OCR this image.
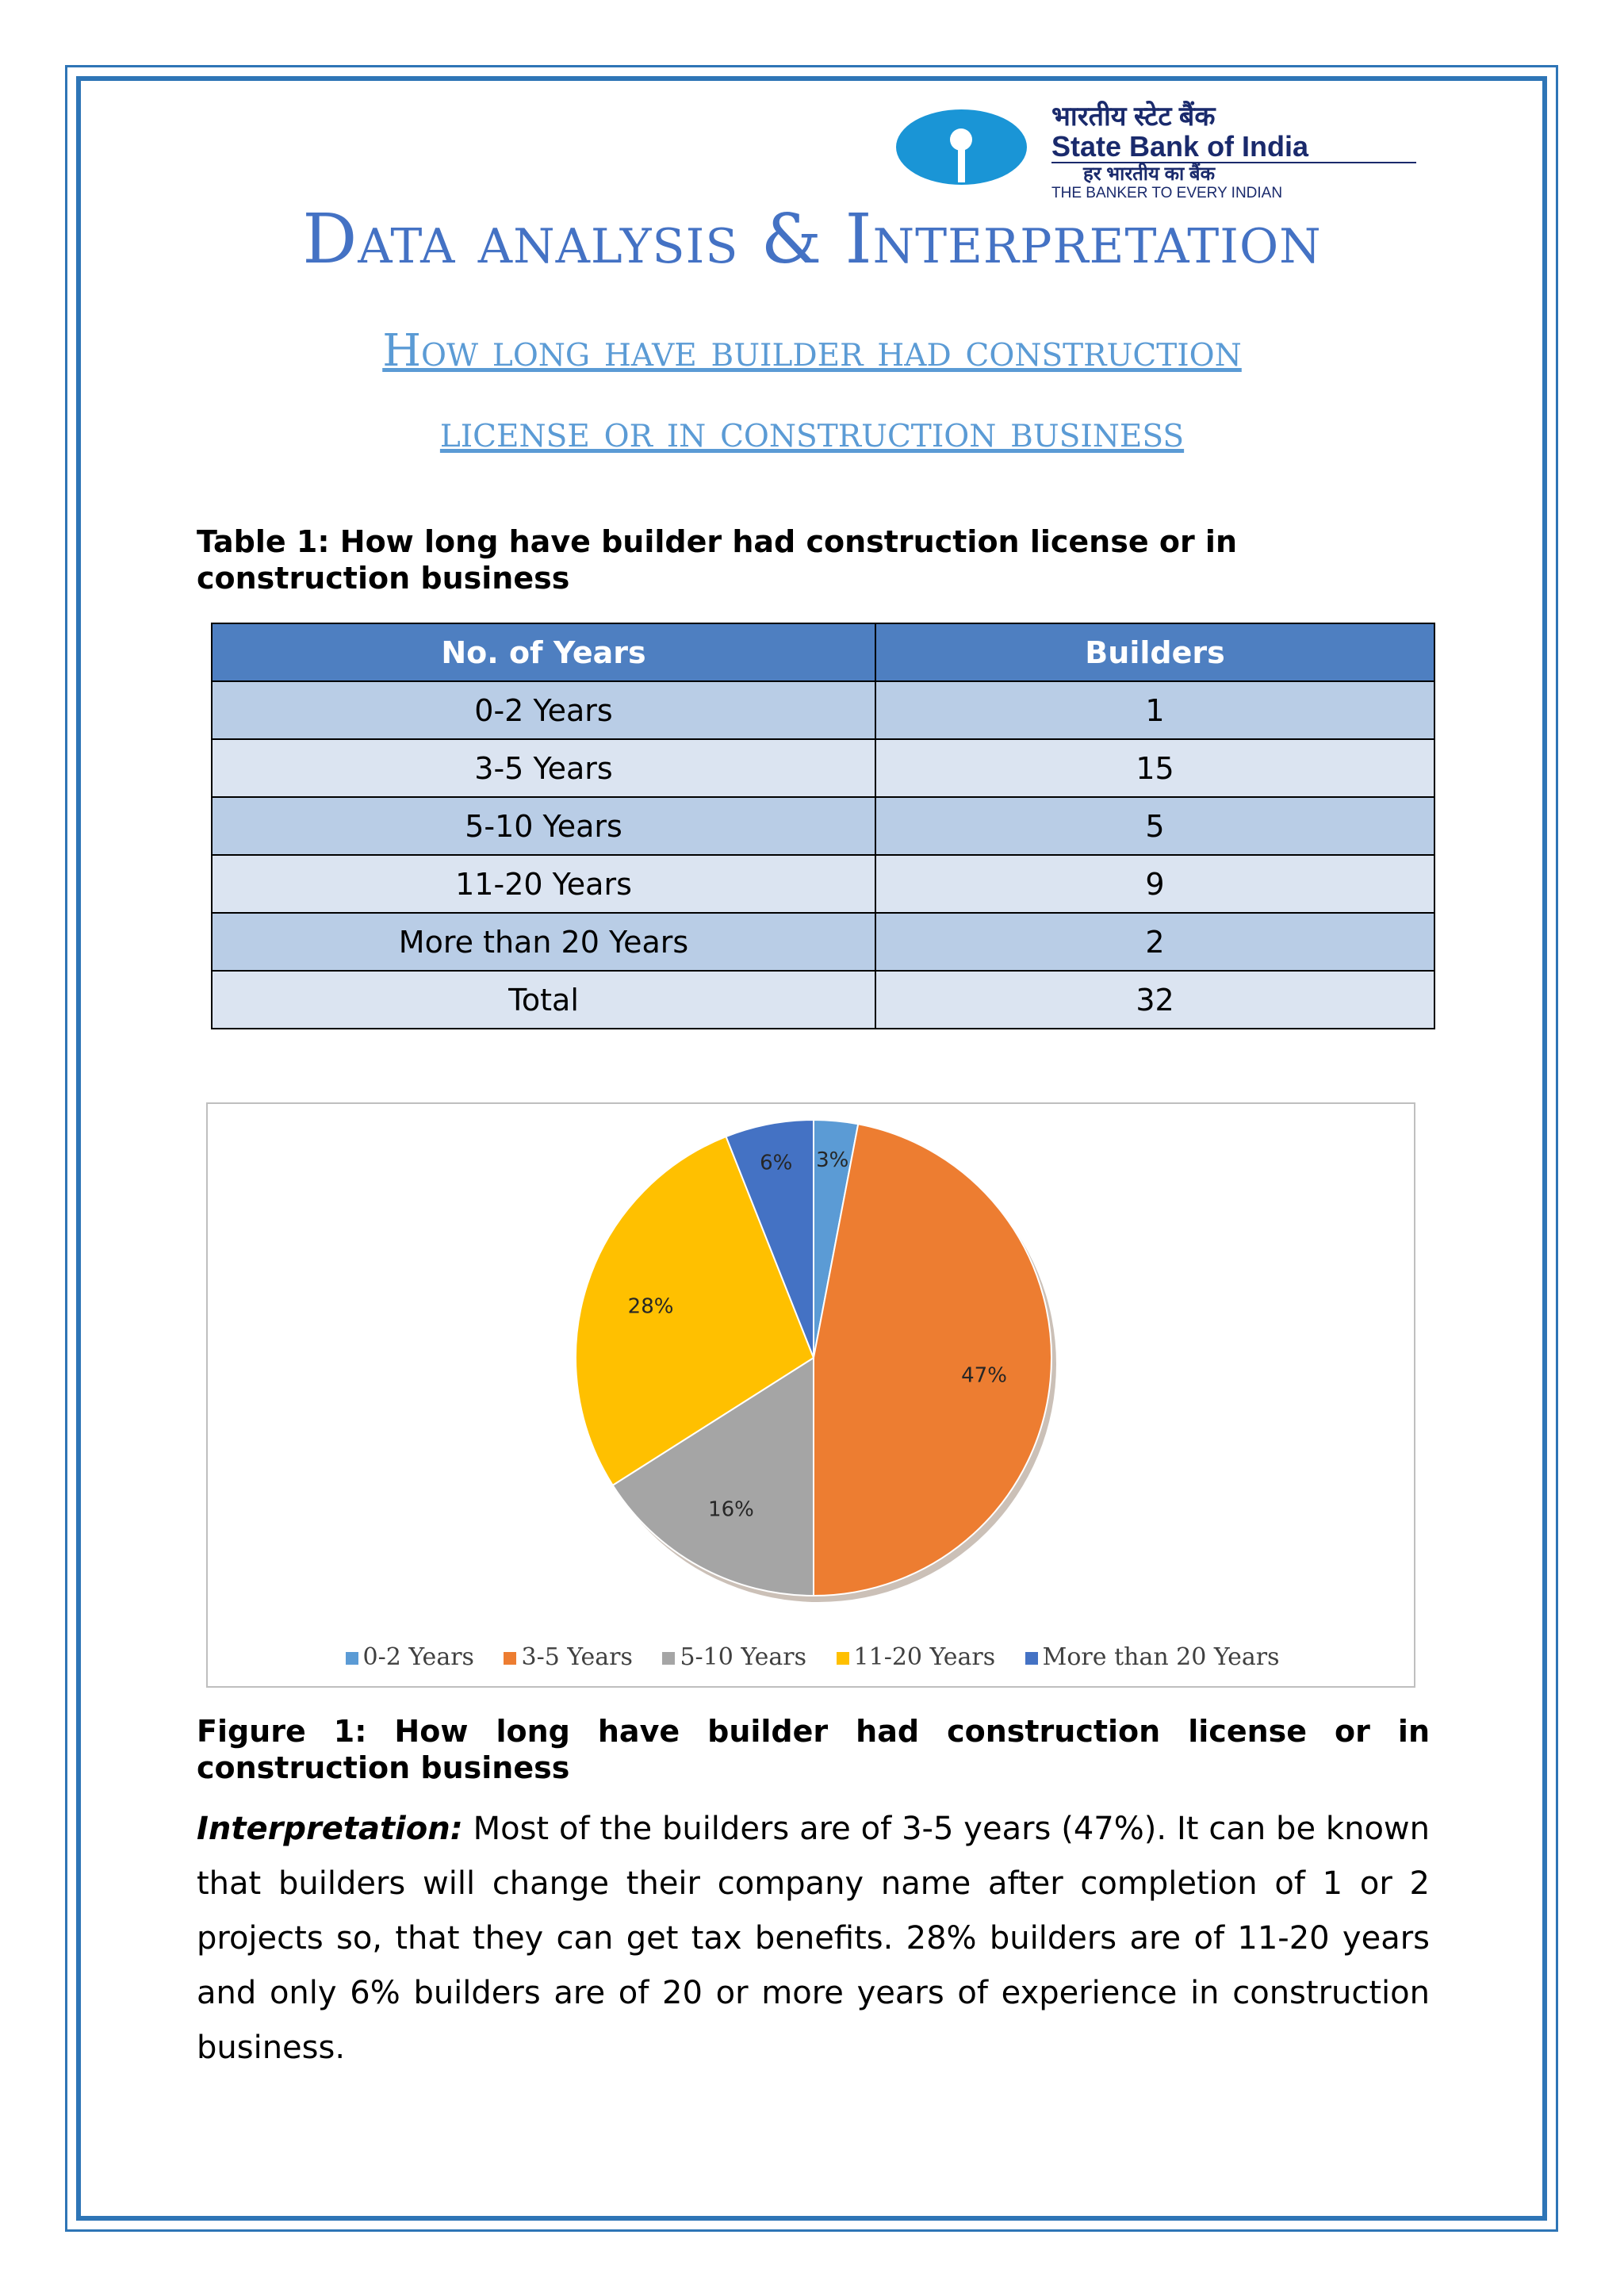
भारतीय स्टेट बैंक
State Bank of India
हर भारतीय का बैंक
THE BANKER TO EVERY INDIAN
Data analysis & Interpretation
How long have builder had construction
license or in construction business
Table 1: How long have builder had construction license or in construction business
No. of Years	Builders
0-2 Years	1
3-5 Years	15
5-10 Years	5
11-20 Years	9
More than 20 Years	2
Total	32
3%
47%
16%
28%
6%
0-2 Years 3-5 Years 5-10 Years 11-20 Years More than 20 Years
Figure 1: How long have builder had construction license or in construction business
Interpretation: Most of the builders are of 3-5 years (47%). It can be known that builders will change their company name after completion of 1 or 2 projects so, that they can get tax benefits. 28% builders are of 11-20 years and only 6% builders are of 20 or more years of experience in construction business.
